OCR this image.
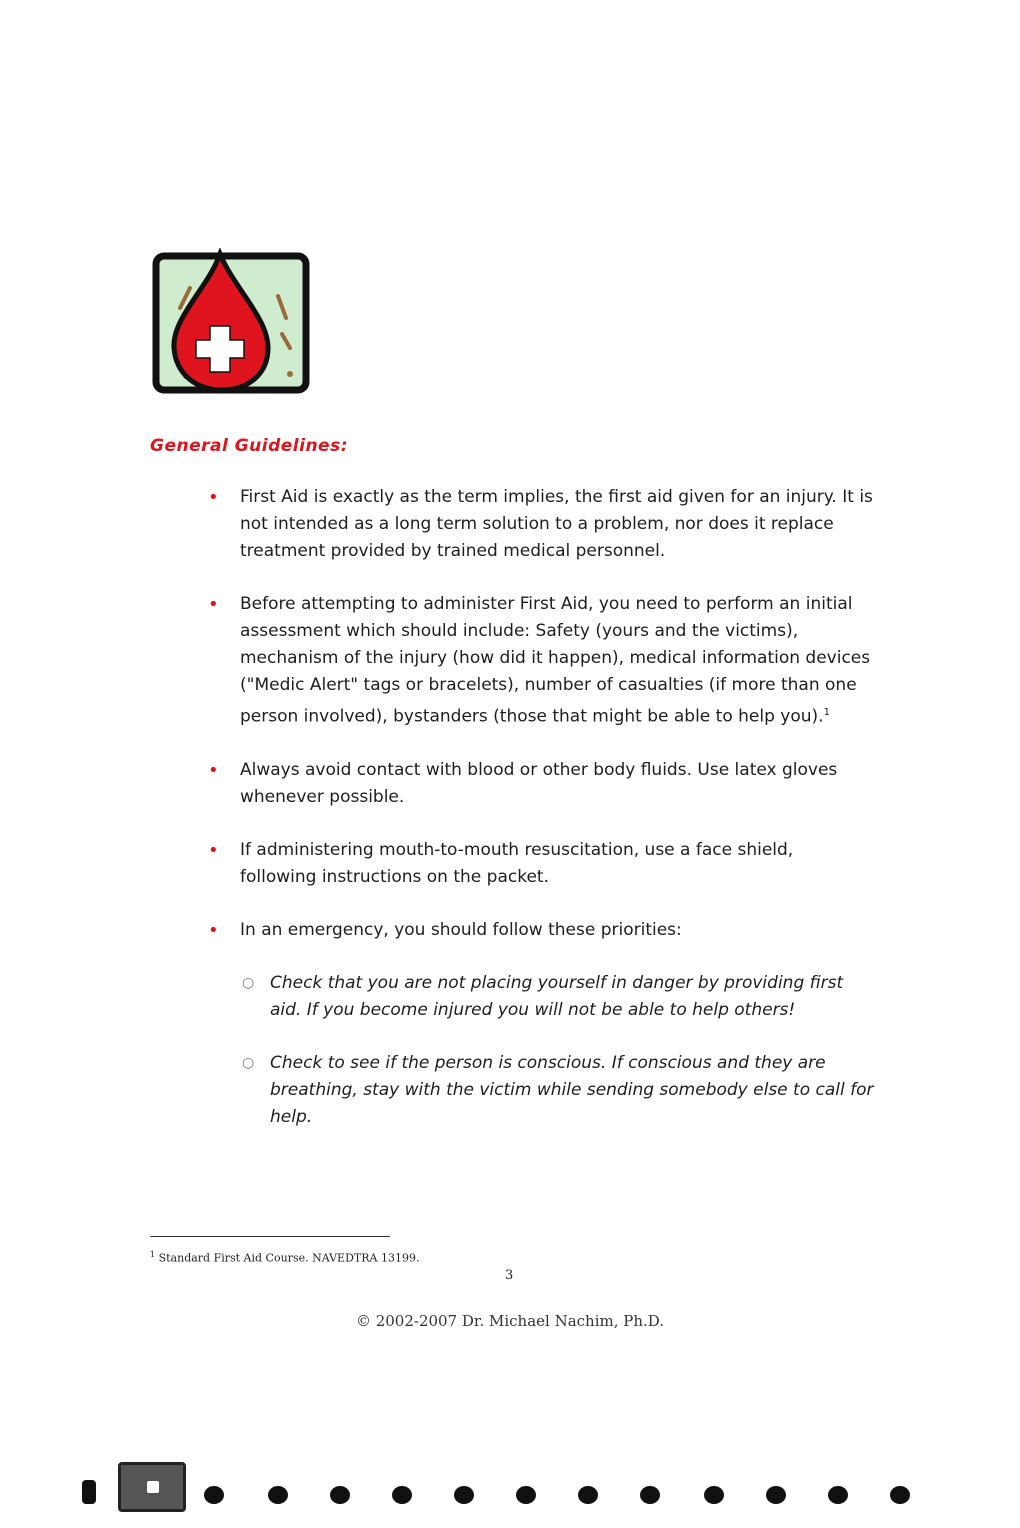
General Guidelines:
• First Aid is exactly as the term implies, the first aid given for an injury. It is not intended as a long term solution to a problem, nor does it replace treatment provided by trained medical personnel.
• Before attempting to administer First Aid, you need to perform an initial assessment which should include: Safety (yours and the victims), mechanism of the injury (how did it happen), medical information devices ("Medic Alert" tags or bracelets), number of casualties (if more than one person involved), bystanders (those that might be able to help you).$^1$
• Always avoid contact with blood or other body fluids. Use latex gloves whenever possible.
• If administering mouth-to-mouth resuscitation, use a face shield, following instructions on the packet.
• In an emergency, you should follow these priorities:
○ Check that you are not placing yourself in danger by providing first aid. If you become injured you will not be able to help others!
○ Check to see if the person is conscious. If conscious and they are breathing, stay with the victim while sending somebody else to call for help.
$^1$ Standard First Aid Course. NAVEDTRA 13199.
3
© 2002-2007 Dr. Michael Nachim, Ph.D.
